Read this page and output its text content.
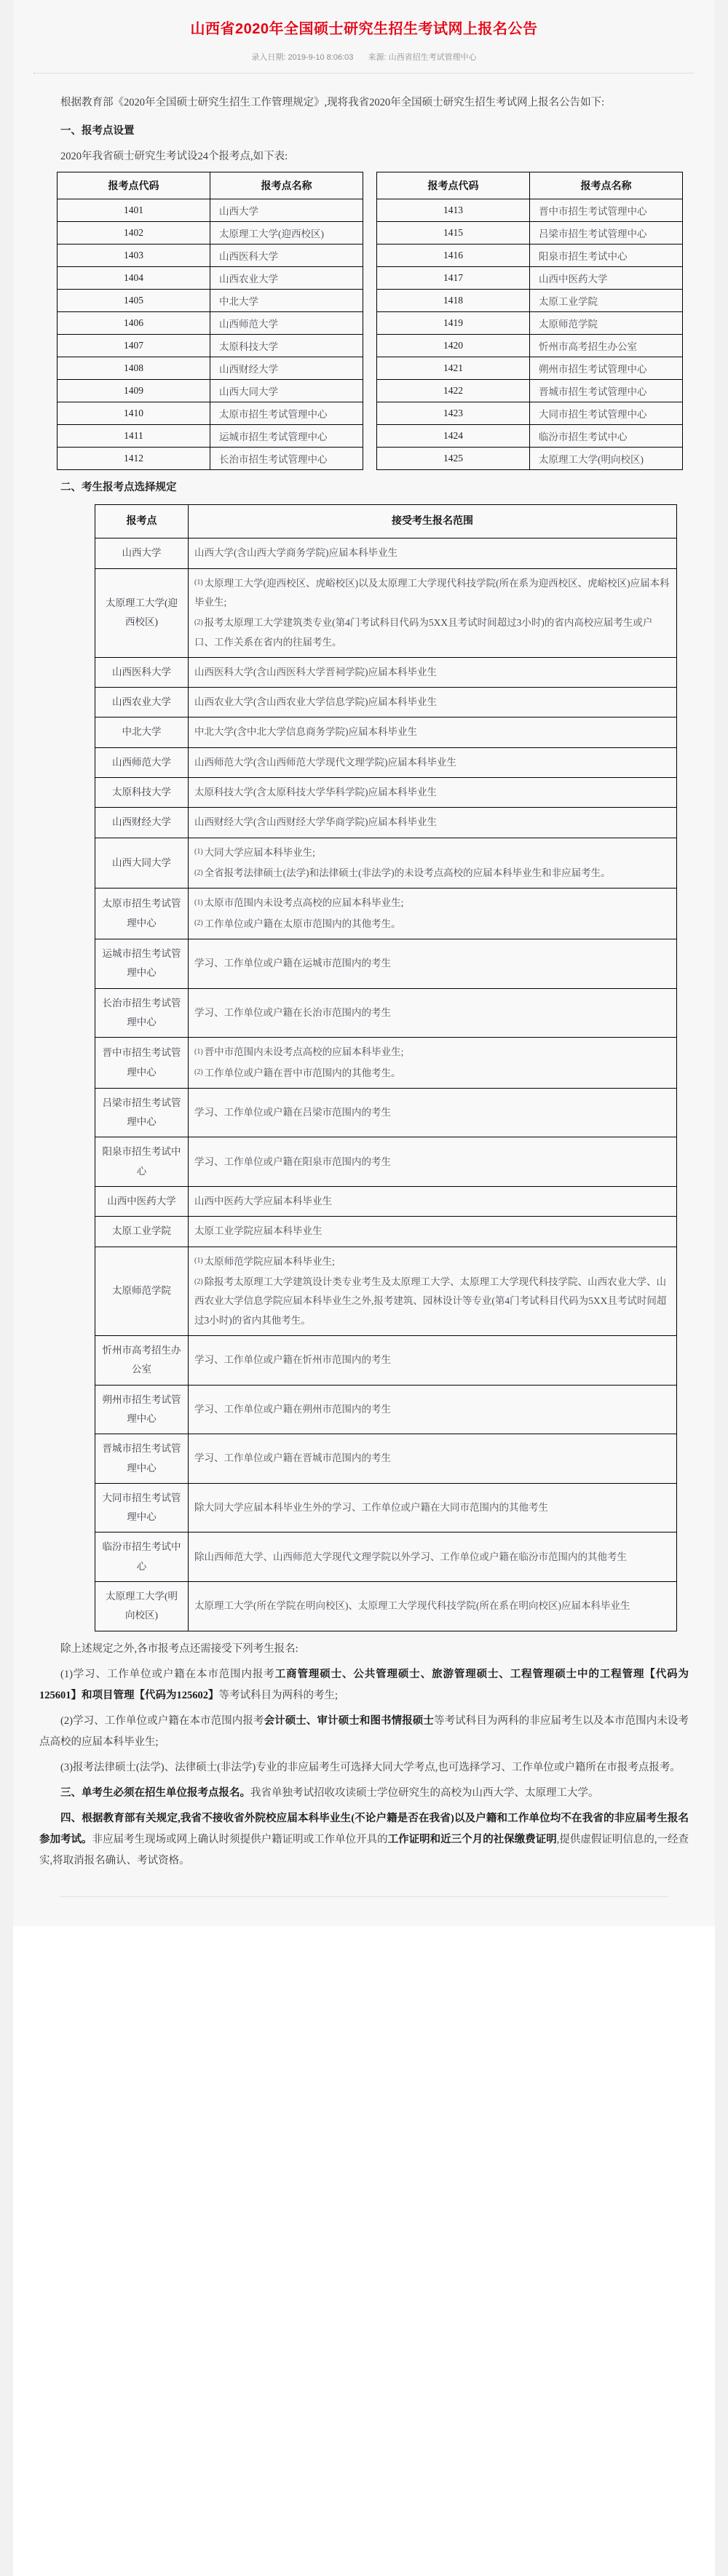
山西省2020年全国硕士研究生招生考试网上报名公告
录入日期: 2019-9-10 8:06:03 来源: 山西省招生考试管理中心

根据教育部《2020年全国硕士研究生招生工作管理规定》,现将我省2020年全国硕士研究生招生考试网上报名公告如下:

一、报考点设置

2020年我省硕士研究生考试设24个报考点,如下表:

报考点代码	报考点名称
1401	山西大学
1402	太原理工大学(迎西校区)
1403	山西医科大学
1404	山西农业大学
1405	中北大学
1406	山西师范大学
1407	太原科技大学
1408	山西财经大学
1409	山西大同大学
1410	太原市招生考试管理中心
1411	运城市招生考试管理中心
1412	长治市招生考试管理中心
报考点代码	报考点名称
1413	晋中市招生考试管理中心
1415	吕梁市招生考试管理中心
1416	阳泉市招生考试中心
1417	山西中医药大学
1418	太原工业学院
1419	太原师范学院
1420	忻州市高考招生办公室
1421	朔州市招生考试管理中心
1422	晋城市招生考试管理中心
1423	大同市招生考试管理中心
1424	临汾市招生考试中心
1425	太原理工大学(明向校区)
二、考生报考点选择规定
报考点	接受考生报名范围
山西大学	山西大学(含山西大学商务学院)应届本科毕业生

太原理工大学(迎西校区)	(1) 太原理工大学(迎西校区、虎峪校区)以及太原理工大学现代科技学院(所在系为迎西校区、虎峪校区)应届本科毕业生;
(2) 报考太原理工大学建筑类专业(第4门考试科目代码为5XX且考试时间超过3小时)的省内高校应届考生或户口、工作关系在省内的往届考生。

山西医科大学	山西医科大学(含山西医科大学晋祠学院)应届本科毕业生

山西农业大学	山西农业大学(含山西农业大学信息学院)应届本科毕业生

中北大学	中北大学(含中北大学信息商务学院)应届本科毕业生

山西师范大学	山西师范大学(含山西师范大学现代文理学院)应届本科毕业生

太原科技大学	太原科技大学(含太原科技大学华科学院)应届本科毕业生

山西财经大学	山西财经大学(含山西财经大学华商学院)应届本科毕业生

山西大同大学	(1) 大同大学应届本科毕业生;
(2) 全省报考法律硕士(法学)和法律硕士(非法学)的未设考点高校的应届本科毕业生和非应届考生。

太原市招生考试管理中心	(1) 太原市范围内未设考点高校的应届本科毕业生;
(2) 工作单位或户籍在太原市范围内的其他考生。

运城市招生考试管理中心	学习、工作单位或户籍在运城市范围内的考生

长治市招生考试管理中心	学习、工作单位或户籍在长治市范围内的考生

晋中市招生考试管理中心	(1) 晋中市范围内未设考点高校的应届本科毕业生;
(2) 工作单位或户籍在晋中市范围内的其他考生。

吕梁市招生考试管理中心	学习、工作单位或户籍在吕梁市范围内的考生

阳泉市招生考试中心	学习、工作单位或户籍在阳泉市范围内的考生

山西中医药大学	山西中医药大学应届本科毕业生

太原工业学院	太原工业学院应届本科毕业生

太原师范学院	(1) 太原师范学院应届本科毕业生;
(2) 除报考太原理工大学建筑设计类专业考生及太原理工大学、太原理工大学现代科技学院、山西农业大学、山西农业大学信息学院应届本科毕业生之外,报考建筑、园林设计等专业(第4门考试科目代码为5XX且考试时间超过3小时)的省内其他考生。

忻州市高考招生办公室	学习、工作单位或户籍在忻州市范围内的考生

朔州市招生考试管理中心	学习、工作单位或户籍在朔州市范围内的考生

晋城市招生考试管理中心	学习、工作单位或户籍在晋城市范围内的考生

大同市招生考试管理中心	除大同大学应届本科毕业生外的学习、工作单位或户籍在大同市范围内的其他考生

临汾市招生考试中心	除山西师范大学、山西师范大学现代文理学院以外学习、工作单位或户籍在临汾市范围内的其他考生

太原理工大学(明向校区)	太原理工大学(所在学院在明向校区)、太原理工大学现代科技学院(所在系在明向校区)应届本科毕业生

除上述规定之外,各市报考点还需接受下列考生报名:

(1)学习、工作单位或户籍在本市范围内报考工商管理硕士、公共管理硕士、旅游管理硕士、工程管理硕士中的工程管理【代码为125601】和项目管理【代码为125602】等考试科目为两科的考生;

(2)学习、工作单位或户籍在本市范围内报考会计硕士、审计硕士和图书情报硕士等考试科目为两科的非应届考生以及本市范围内未设考点高校的应届本科毕业生;

(3)报考法律硕士(法学)、法律硕士(非法学)专业的非应届考生可选择大同大学考点,也可选择学习、工作单位或户籍所在市报考点报考。

三、单考生必须在招生单位报考点报名。我省单独考试招收攻读硕士学位研究生的高校为山西大学、太原理工大学。

四、根据教育部有关规定,我省不接收省外院校应届本科毕业生(不论户籍是否在我省)以及户籍和工作单位均不在我省的非应届考生报名参加考试。非应届考生现场或网上确认时须提供户籍证明或工作单位开具的工作证明和近三个月的社保缴费证明,提供虚假证明信息的,一经查实,将取消报名确认、考试资格。
